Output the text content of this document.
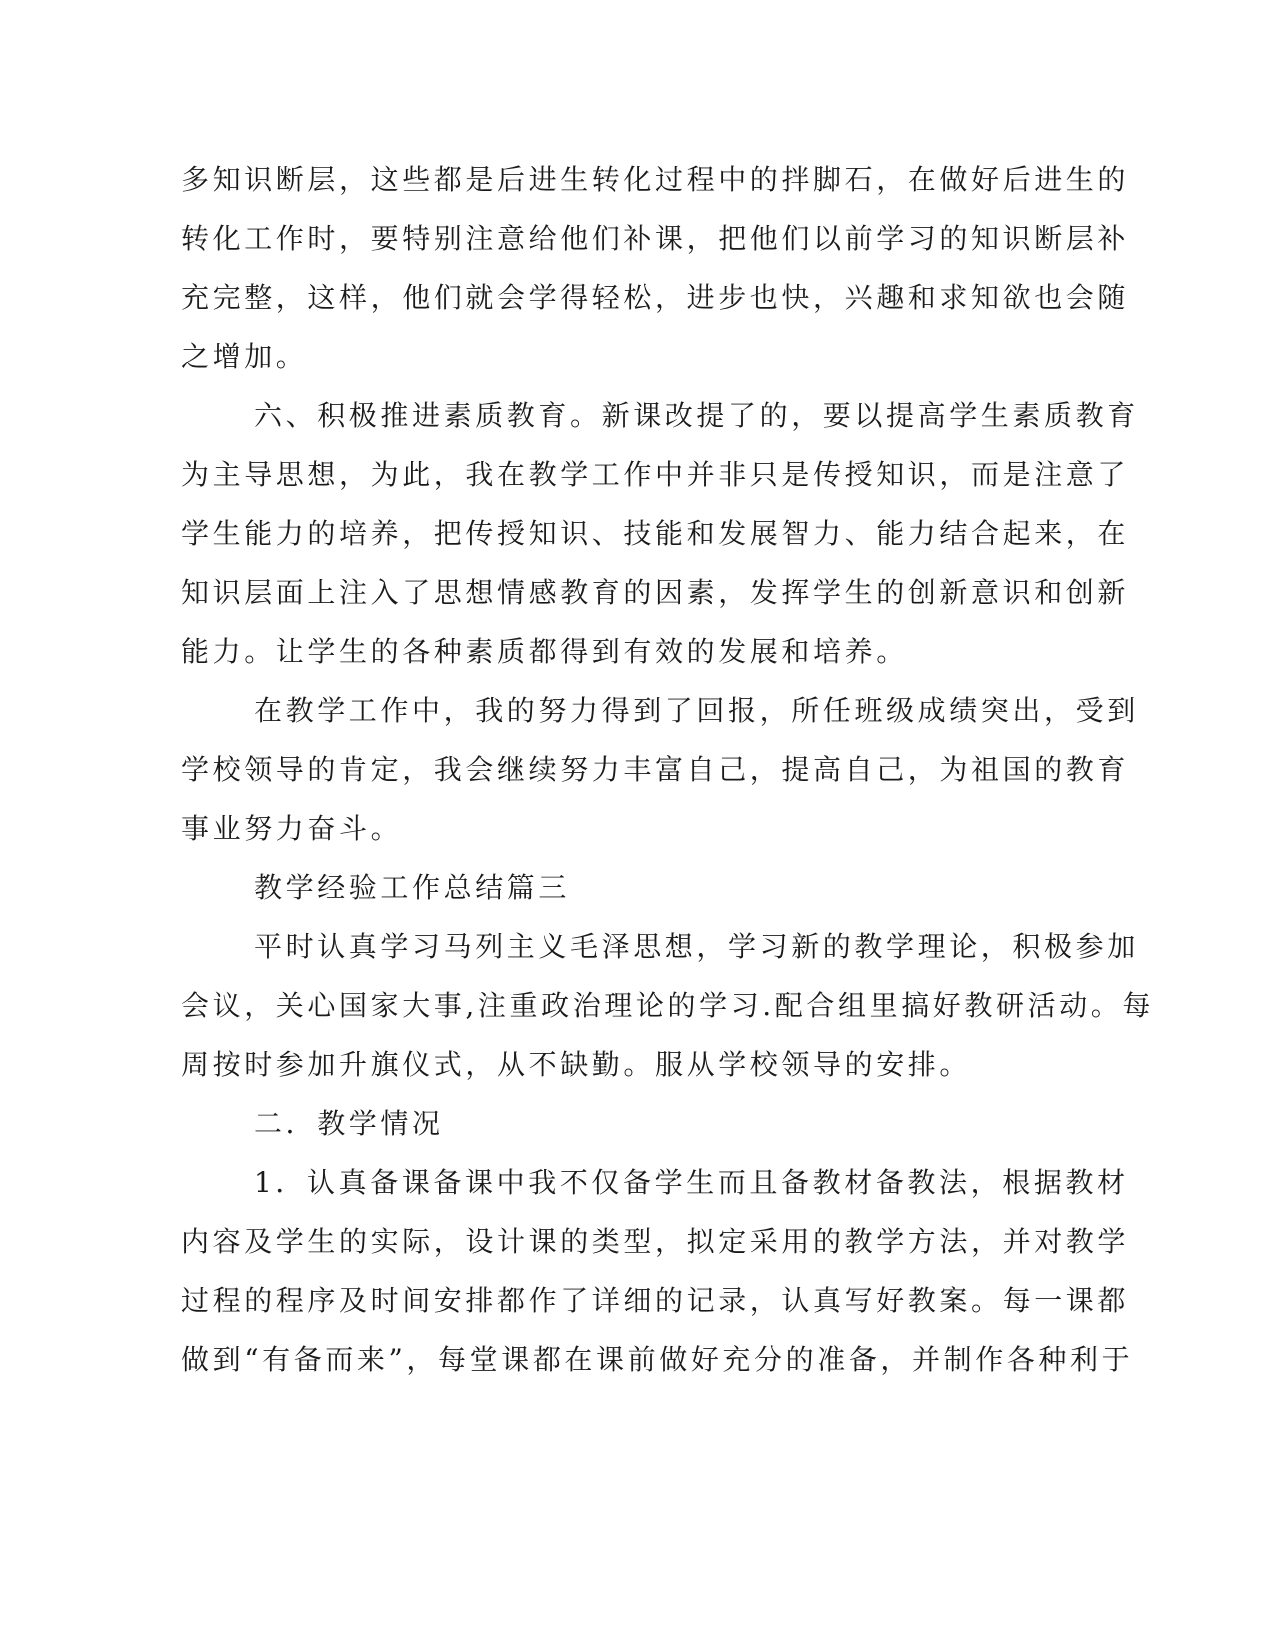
多知识断层，这些都是后进生转化过程中的拌脚石，在做好后进生的
转化工作时，要特别注意给他们补课，把他们以前学习的知识断层补
充完整，这样，他们就会学得轻松，进步也快，兴趣和求知欲也会随
之增加。
六、积极推进素质教育。新课改提了的，要以提高学生素质教育
为主导思想，为此，我在教学工作中并非只是传授知识，而是注意了
学生能力的培养，把传授知识、技能和发展智力、能力结合起来，在
知识层面上注入了思想情感教育的因素，发挥学生的创新意识和创新
能力。让学生的各种素质都得到有效的发展和培养。
在教学工作中，我的努力得到了回报，所任班级成绩突出，受到
学校领导的肯定，我会继续努力丰富自己，提高自己，为祖国的教育
事业努力奋斗。
教学经验工作总结篇三
平时认真学习马列主义毛泽思想，学习新的教学理论，积极参加
会议，关心国家大事,注重政治理论的学习.配合组里搞好教研活动。每
周按时参加升旗仪式，从不缺勤。服从学校领导的安排。
二．教学情况
1．认真备课备课中我不仅备学生而且备教材备教法，根据教材
内容及学生的实际，设计课的类型，拟定采用的教学方法，并对教学
过程的程序及时间安排都作了详细的记录，认真写好教案。每一课都
做到“有备而来”，每堂课都在课前做好充分的准备，并制作各种利于
